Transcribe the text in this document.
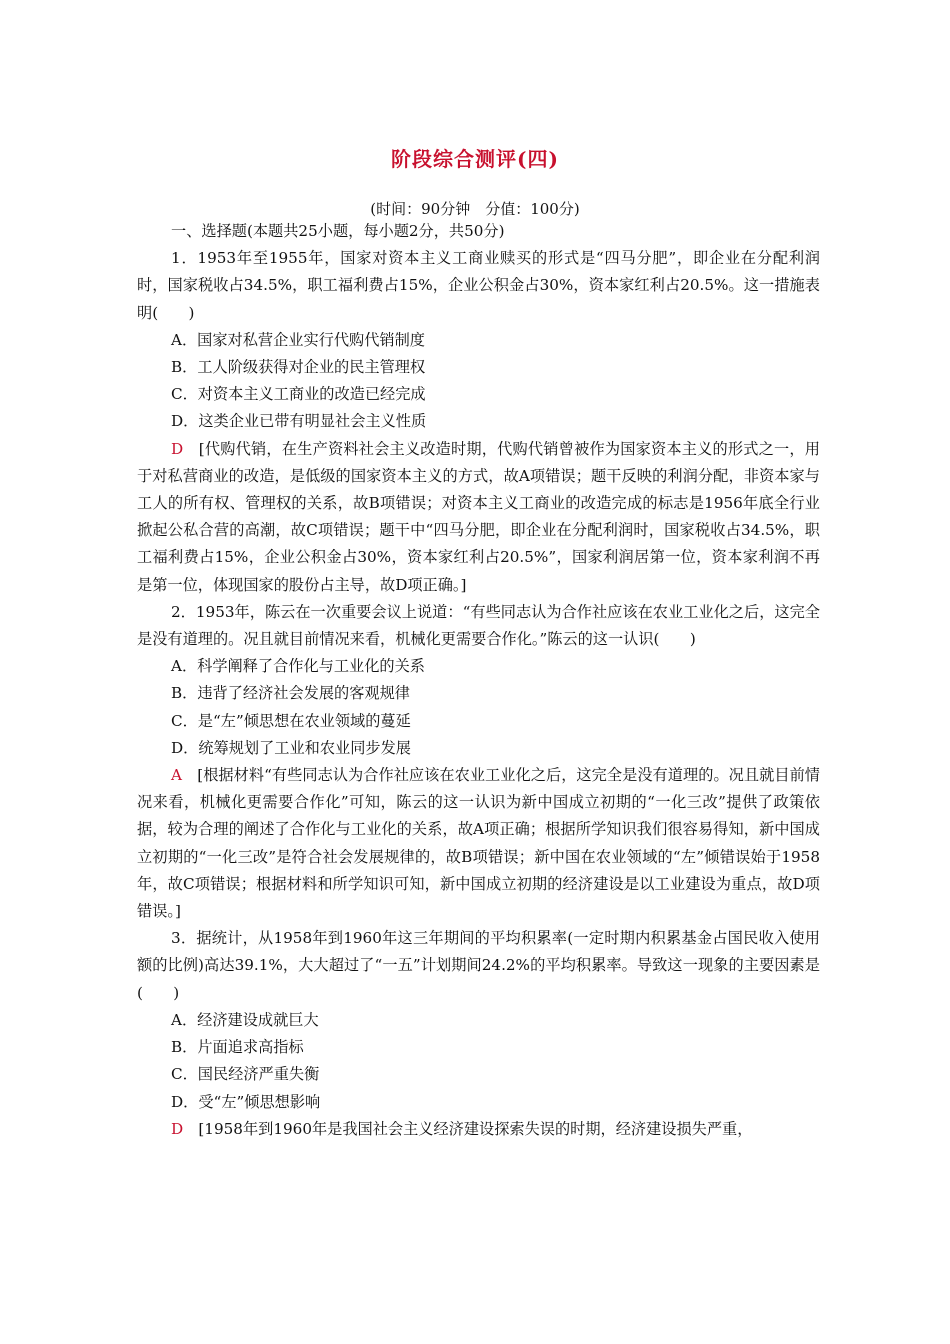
阶段综合测评(四)
(时间：90分钟　分值：100分)

一、选择题(本题共25小题，每小题2分，共50分)

1．1953年至1955年，国家对资本主义工商业赎买的形式是“四马分肥”，即企业在分配利润时，国家税收占34.5%，职工福利费占15%，企业公积金占30%，资本家红利占20.5%。这一措施表明(　　)

A．国家对私营企业实行代购代销制度

B．工人阶级获得对企业的民主管理权

C．对资本主义工商业的改造已经完成

D．这类企业已带有明显社会主义性质

D　 [代购代销，在生产资料社会主义改造时期，代购代销曾被作为国家资本主义的形式之一，用于对私营商业的改造，是低级的国家资本主义的方式，故A项错误；题干反映的利润分配，非资本家与工人的所有权、管理权的关系，故B项错误；对资本主义工商业的改造完成的标志是1956年底全行业掀起公私合营的高潮，故C项错误；题干中“四马分肥，即企业在分配利润时，国家税收占34.5%，职工福利费占15%，企业公积金占30%，资本家红利占20.5%”，国家利润居第一位，资本家利润不再是第一位，体现国家的股份占主导，故D项正确。]

2．1953年，陈云在一次重要会议上说道：“有些同志认为合作社应该在农业工业化之后，这完全是没有道理的。况且就目前情况来看，机械化更需要合作化。”陈云的这一认识(　　)

A．科学阐释了合作化与工业化的关系

B．违背了经济社会发展的客观规律

C．是“左”倾思想在农业领域的蔓延

D．统筹规划了工业和农业同步发展

A　 [根据材料“有些同志认为合作社应该在农业工业化之后，这完全是没有道理的。况且就目前情况来看，机械化更需要合作化”可知，陈云的这一认识为新中国成立初期的“一化三改”提供了政策依据，较为合理的阐述了合作化与工业化的关系，故A项正确；根据所学知识我们很容易得知，新中国成立初期的“一化三改”是符合社会发展规律的，故B项错误；新中国在农业领域的“左”倾错误始于1958年，故C项错误；根据材料和所学知识可知，新中国成立初期的经济建设是以工业建设为重点，故D项错误。]

3．据统计，从1958年到1960年这三年期间的平均积累率(一定时期内积累基金占国民收入使用额的比例)高达39.1%，大大超过了“一五”计划期间24.2%的平均积累率。导致这一现象的主要因素是(　　)

A．经济建设成就巨大

B．片面追求高指标

C．国民经济严重失衡

D．受“左”倾思想影响

D　 [1958年到1960年是我国社会主义经济建设探索失误的时期，经济建设损失严重，
